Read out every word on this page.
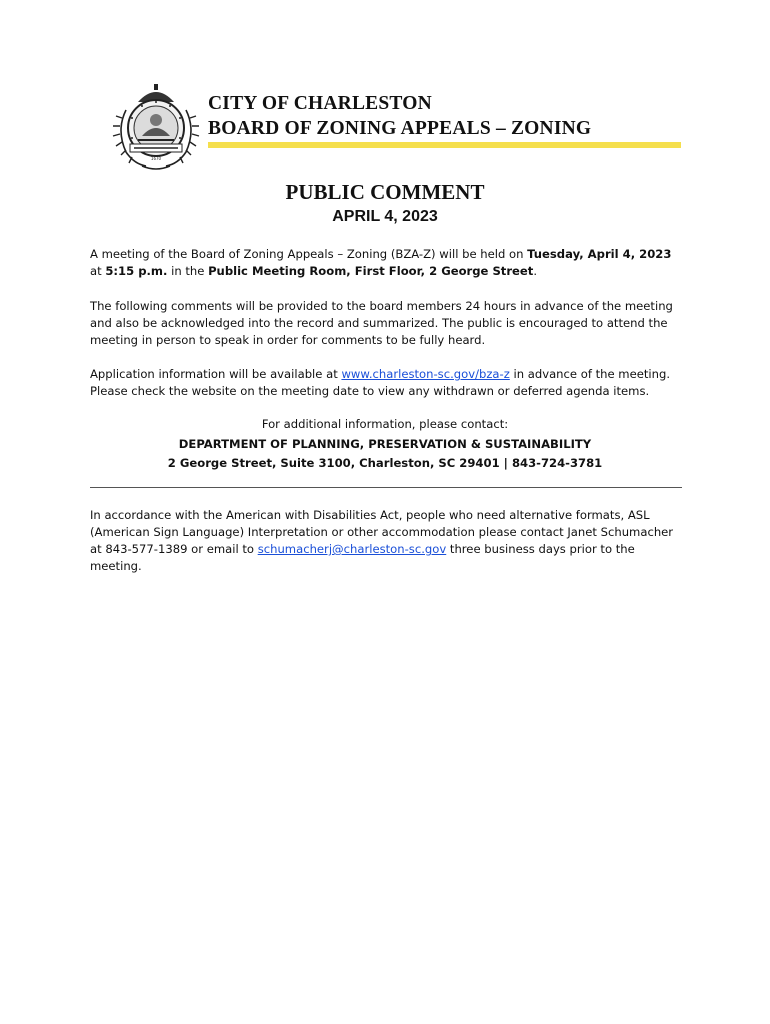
1670
CITY OF CHARLESTON
BOARD OF ZONING APPEALS – ZONING
PUBLIC COMMENT
APRIL 4, 2023

A meeting of the Board of Zoning Appeals – Zoning (BZA-Z) will be held on Tuesday, April 4, 2023 at 5:15 p.m. in the Public Meeting Room, First Floor, 2 George Street.

The following comments will be provided to the board members 24 hours in advance of the meeting and also be acknowledged into the record and summarized. The public is encouraged to attend the meeting in person to speak in order for comments to be fully heard.

Application information will be available at www.charleston-sc.gov/bza-z in advance of the meeting. Please check the website on the meeting date to view any withdrawn or deferred agenda items.

For additional information, please contact:
DEPARTMENT OF PLANNING, PRESERVATION & SUSTAINABILITY
2 George Street, Suite 3100, Charleston, SC 29401 | 843-724-3781

In accordance with the American with Disabilities Act, people who need alternative formats, ASL (American Sign Language) Interpretation or other accommodation please contact Janet Schumacher at 843-577-1389 or email to schumacherj@charleston-sc.gov three business days prior to the meeting.
